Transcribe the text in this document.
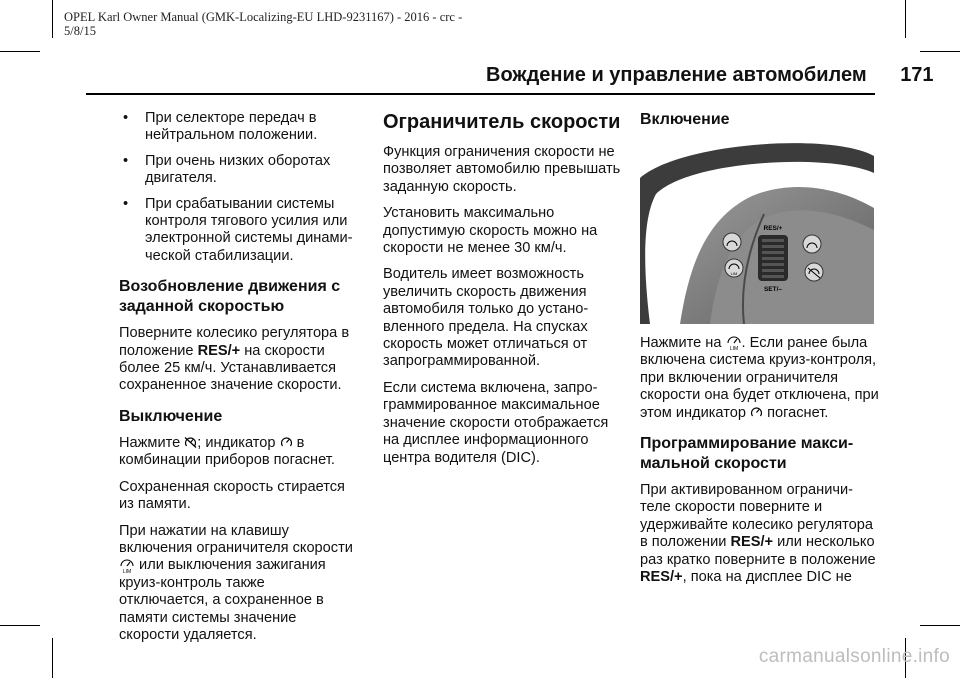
OPEL Karl Owner Manual (GMK-Localizing-EU LHD-9231167) - 2016 - crc -
5/8/15
Вождение и управление автомобилем 171
• При селекторе передач в нейтральном положении.
• При очень низких оборотах двигателя.
• При срабатывании системы контроля тягового усилия или электронной системы динами-ческой стабилизации.
Возобновление движения с заданной скоростью

Поверните колесико регулятора в положение RES/+ на скорости более 25 км/ч. Устанавливается сохраненное значение скорости.

Выключение

Нажмите ; индикатор  в комбинации приборов погаснет.

Сохраненная скорость стирается из памяти.

При нажатии на клавишу включения ограничителя скорости
LIM или выключения зажигания круиз-контроль также отключается, а сохраненное в памяти системы значение скорости удаляется.

Ограничитель скорости

Функция ограничения скорости не позволяет автомобилю превышать заданную скорость.

Установить максимально допустимую скорость можно на скорости не менее 30 км/ч.

Водитель имеет возможность увеличить скорость движения автомобиля только до устано-вленного предела. На спусках скорость может отличаться от запрограммированной.

Если система включена, запро-граммированное максимальное значение скорости отображается на дисплее информационного центра водителя (DIC).

Включение
RES/+
SET/–
LIM

Нажмите на LIM . Если ранее была включена система круиз-контроля, при включении ограничителя скорости она будет отключена, при этом индикатор  погаснет.

Программирование макси-мальной скорости

При активированном ограничи-теле скорости поверните и удерживайте колесико регулятора в положении RES/+ или несколько раз кратко поверните в положение RES/+, пока на дисплее DIC не

carmanualsonline.info
